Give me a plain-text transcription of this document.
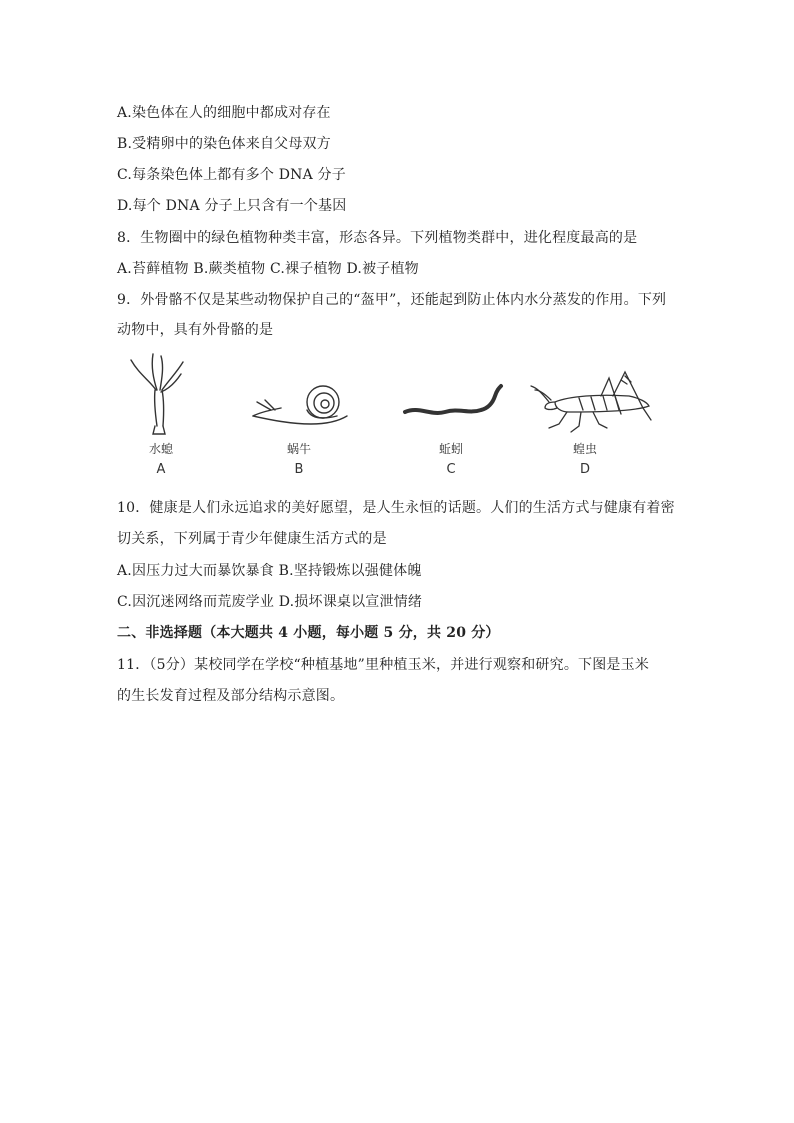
A.染色体在人的细胞中都成对存在
B.受精卵中的染色体来自父母双方
C.每条染色体上都有多个 DNA 分子
D.每个 DNA 分子上只含有一个基因
8．生物圈中的绿色植物种类丰富，形态各异。下列植物类群中，进化程度最高的是
A.苔藓植物 B.蕨类植物 C.裸子植物 D.被子植物
9．外骨骼不仅是某些动物保护自己的“盔甲”，还能起到防止体内水分蒸发的作用。下列
动物中，具有外骨骼的是
水螅
A
蜗牛
B
蚯蚓
C
蝗虫
D
10．健康是人们永远追求的美好愿望，是人生永恒的话题。人们的生活方式与健康有着密
切关系，下列属于青少年健康生活方式的是
A.因压力过大而暴饮暴食 B.坚持锻炼以强健体魄
C.因沉迷网络而荒废学业 D.损坏课桌以宣泄情绪
二、非选择题（本大题共 4 小题，每小题 5 分，共 20 分）
11．（5分）某校同学在学校“种植基地”里种植玉米，并进行观察和研究。下图是玉米
的生长发育过程及部分结构示意图。
